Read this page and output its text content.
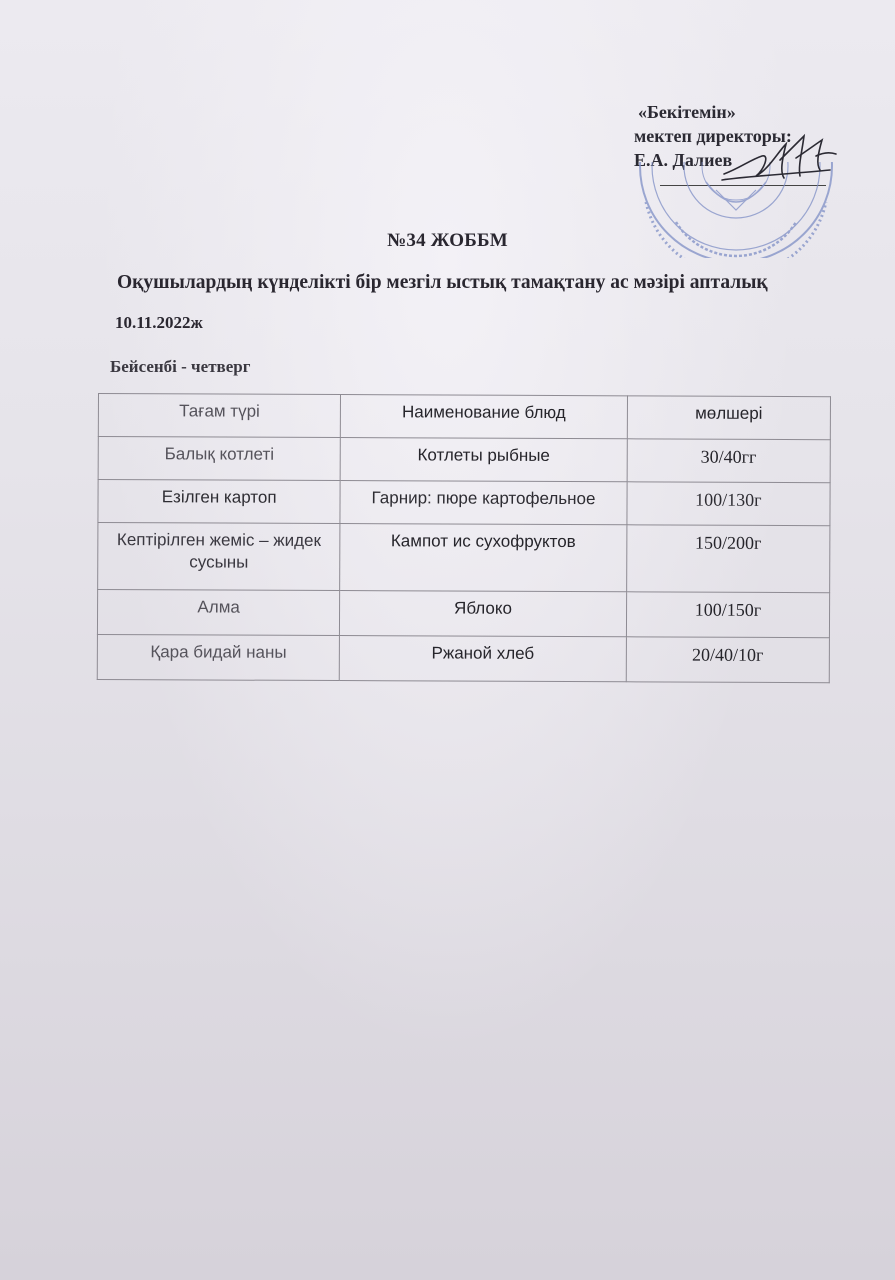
«Бекітемін»
мектеп директоры:
Е.А. Далиев
№34 ЖОББМ
Оқушылардың күнделікті бір мезгіл ыстық тамақтану ас мәзірі апталық
10.11.2022ж
Бейсенбі - четверг
Тағам түрі	Наименование блюд	мөлшері
Балық котлеті	Котлеты рыбные	30/40гг
Езілген картоп	Гарнир: пюре картофельное	100/130г
Кептірілген жеміс – жидек сусыны	Кампот ис сухофруктов	150/200г
Алма	Яблоко	100/150г
Қара бидай наны	Ржаной хлеб	20/40/10г
